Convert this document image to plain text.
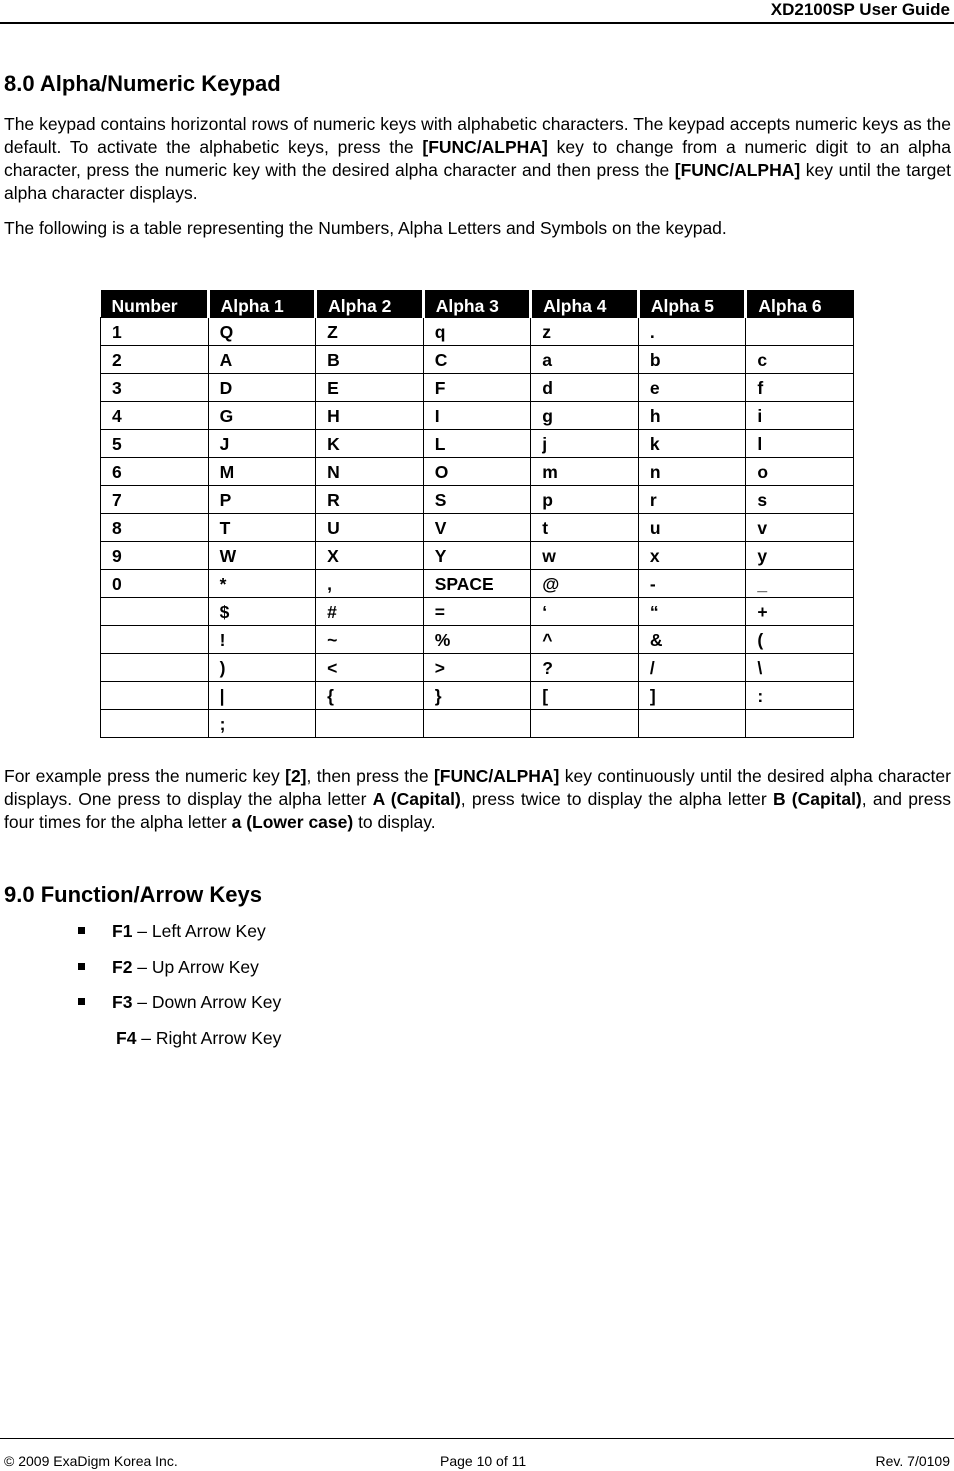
XD2100SP User Guide
8.0 Alpha/Numeric Keypad

The keypad contains horizontal rows of numeric keys with alphabetic characters. The keypad accepts numeric keys as the default. To activate the alphabetic keys, press the [FUNC/ALPHA] key to change from a numeric digit to an alpha character, press the numeric key with the desired alpha character and then press the [FUNC/ALPHA] key until the target alpha character displays.

The following is a table representing the Numbers, Alpha Letters and Symbols on the keypad.

Number	Alpha 1	Alpha 2	Alpha 3	Alpha 4	Alpha 5	Alpha 6
1	Q	Z	q	z	.	
2	A	B	C	a	b	c
3	D	E	F	d	e	f
4	G	H	I	g	h	i
5	J	K	L	j	k	l
6	M	N	O	m	n	o
7	P	R	S	p	r	s
8	T	U	V	t	u	v
9	W	X	Y	w	x	y
0	*	,	SPACE	@	-	_
	$	#	=	‘	“	+
	!	~	%	^	&	(
	)	<	>	?	/	\
	|	{	}	[	]	:
	;					

For example press the numeric key [2], then press the [FUNC/ALPHA] key continuously until the desired alpha character displays. One press to display the alpha letter A (Capital), press twice to display the alpha letter B (Capital), and press four times for the alpha letter a (Lower case) to display.

9.0 Function/Arrow Keys
F1 – Left Arrow Key
F2 – Up Arrow Key
F3 – Down Arrow Key
F4 – Right Arrow Key
© 2009 ExaDigm Korea Inc.	Page 10 of 11	Rev. 7/0109
